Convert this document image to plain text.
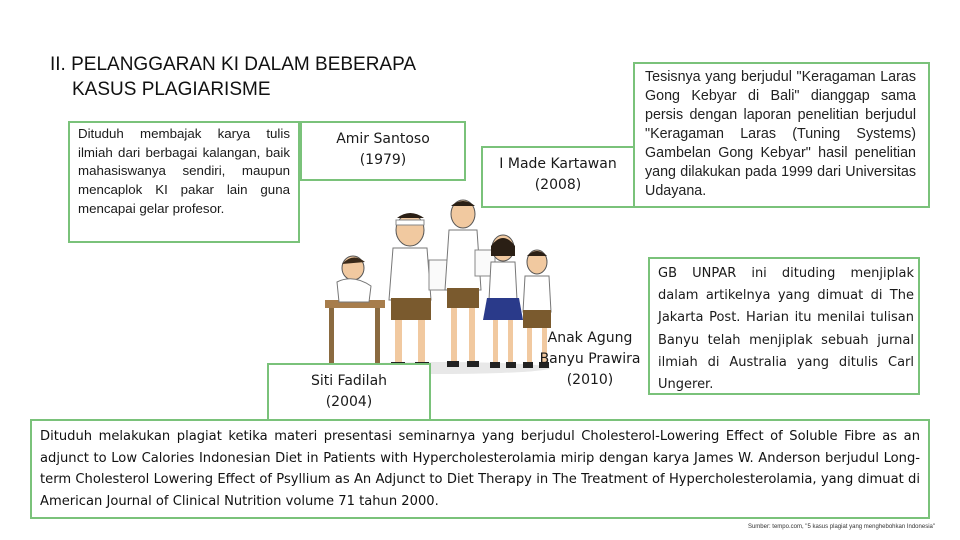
II. PELANGGARAN KI DALAM BEBERAPA
KASUS PLAGIARISME
Dituduh membajak karya tulis ilmiah dari berbagai kalangan, baik mahasiswanya sendiri, maupun mencaplok KI pakar lain guna mencapai gelar profesor.
Amir Santoso
(1979)	I Made Kartawan
(2008)
Tesisnya yang berjudul "Keragaman Laras Gong Kebyar di Bali" dianggap sama persis dengan laporan penelitian berjudul "Keragaman Laras (Tuning Systems) Gambelan Gong Kebyar" hasil penelitian yang dilakukan pada 1999 dari Universitas Udayana.
Siti Fadilah
(2004)
Anak Agung
Banyu Prawira
(2010)
GB UNPAR ini dituding menjiplak dalam artikelnya yang dimuat di The Jakarta Post. Harian itu menilai tulisan Banyu telah menjiplak sebuah jurnal ilmiah di Australia yang ditulis Carl Ungerer.
Dituduh melakukan plagiat ketika materi presentasi seminarnya yang berjudul Cholesterol-Lowering Effect of Soluble Fibre as an adjunct to Low Calories Indonesian Diet in Patients with Hypercholesterolamia mirip dengan karya James W. Anderson berjudul Long-term Cholesterol Lowering Effect of Psyllium as An Adjunct to Diet Therapy in The Treatment of Hypercholesterolamia, yang dimuat di American Journal of Clinical Nutrition volume 71 tahun 2000.
Sumber: tempo.com, "5 kasus plagiat yang menghebohkan Indonesia"
